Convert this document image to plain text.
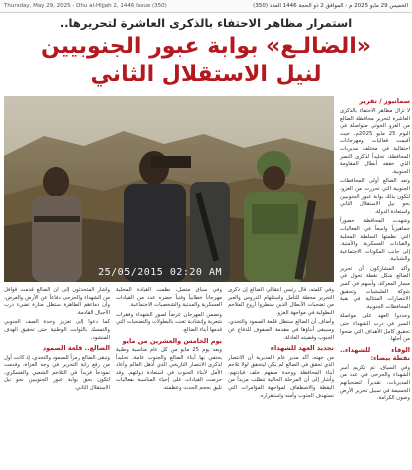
Thursday, May 29, 2025 - Dhu al-Hijjah 2, 1446 Issue (350)	الخميس 29 مايو 2025 م - الموافق 2 ذو الحجة 1446 العدد (350)
استمرار مظاهر الاحتفاء بالذكرى العاشرة لتحريرها..
«الضالـع» بوابة عبور الجنوبيين
لنيل الاستقلال الثاني
25/05/2015 02:20 AM
سمانيوز / تقرير

لا تزال مظاهر الاحتفاء بالذكرى العاشرة لتحرير محافظة الضالع من الغزو الحوثي متواصلة في اليوم 25 مايو 2025م، حيث أقيمت فعاليات ومهرجانات احتفالية في مختلف مديريات المحافظة، تخليداً لذكرى النصر الذي حققه أبطال المقاومة الجنوبية.

وتعد الضالع أولى المحافظات الجنوبية التي تحررت من الغزو، لتكون بذلك بوابة عبور الجنوبيين نحو نيل الاستقلال الثاني واستعادة الدولة.

وشهدت المحافظة حضوراً جماهيرياً واسعاً في الفعاليات التي نظمتها السلطة المحلية والقيادات العسكرية والأمنية، إلى جانب المكونات الاجتماعية والشبابية.

وأكد المشاركون أن تحرير الضالع شكل نقطة تحول في مسار المعركة، وأسهم في كسر شوكة المليشيات وتحقيق الانتصارات المتتالية في بقية المحافظات الجنوبية.

وجددوا العهد على مواصلة السير في درب الشهداء حتى تحقيق كامل الأهداف التي ضحوا من أجلها.

الوفاء للشهداء.. نقطة بيضاء:

وفي السياق، تم تكريم أسر الشهداء والجرحى في عدد من المديريات، تقديراً لتضحياتهم الجسيمة في سبيل تحرير الأرض وصون الكرامة.

وفي كلمته، قال رئيس انتقالي الضالع إن ذكرى التحرير محطة للتأمل واستلهام الدروس والعبر من تضحيات الأبطال الذين سطروا أروع الملاحم البطولية في مواجهة الغزو.

وأضاف أن الضالع ستظل قلعة الصمود والتحدي، وسيبقى أبناؤها في مقدمة الصفوف للدفاع عن الجنوب وقضيته العادلة.

تجديد العهد للشهداء

من جهته، أكد مدير عام المديرية أن الانتصار الذي تحقق في الضالع لم يكن ليتحقق لولا تلاحم أبناء المحافظة ووحدة صفهم خلف قيادتهم. وأشار إلى أن المرحلة الحالية تتطلب مزيداً من اليقظة والاصطفاف لمواجهة المؤامرات التي تستهدف الجنوب وأمنه واستقراره.

وفي سياق متصل، نظمت القيادة المحلية مهرجاناً خطابياً وفنياً حضره عدد من القيادات العسكرية والمدنية والشخصيات الاجتماعية.

وتضمن المهرجان عرضاً لصور الشهداء وفقرات شعرية وإنشادية تغنت بالبطولات والتضحيات التي قدمها أبناء الضالع.

يوم الخامس والعشرين من مايو

ويعد يوم 25 مايو من كل عام مناسبة وطنية يحتفي بها أبناء الضالع والجنوب عامة، تخليداً لذكرى الانتصار التاريخي الذي أذهل العالم وأعاد الأمل لأبناء الجنوب في استعادة دولتهم. وقد حرصت القيادات على إحياء المناسبة بفعاليات تليق بحجم الحدث وعظمته.

وأشار المتحدثون إلى أن الضالع قدمت قوافل من الشهداء والجرحى دفاعاً عن الأرض والعرض، وأن دماءهم الطاهرة ستظل منارة تضيء درب الأجيال القادمة.

كما دعوا إلى تعزيز وحدة الصف الجنوبي والتمسك بالثوابت الوطنية حتى تحقيق الهدف المنشود.

الضالع.. قلعة الصمود

وتبقى الضالع رمزاً للصمود والتحدي، إذ كانت أول من رفع راية التحرير في وجه الغزاة، وقدمت نموذجاً فريداً في التلاحم الشعبي والعسكري، لتكون بحق بوابة عبور الجنوبيين نحو نيل الاستقلال الثاني.
